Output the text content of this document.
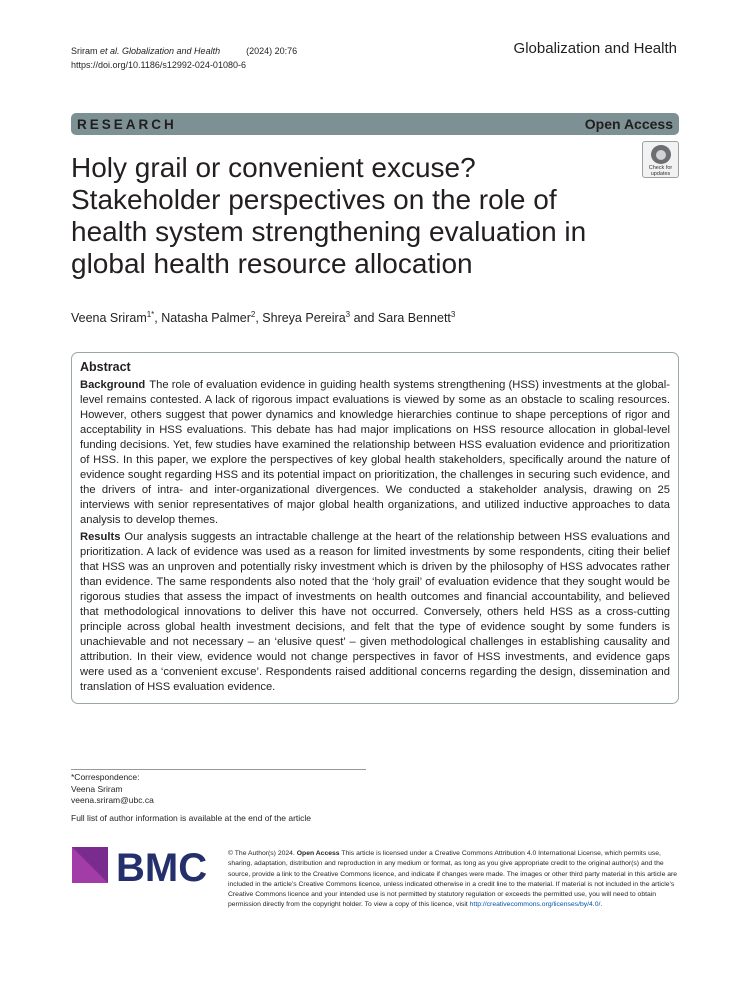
Sriram et al. Globalization and Health	(2024) 20:76
https://doi.org/10.1186/s12992-024-01080-6
Globalization and Health
RESEARCH	Open Access
Check for
updates
Holy grail or convenient excuse? Stakeholder perspectives on the role of health system strengthening evaluation in global health resource allocation
Veena Sriram$^{1*}$, Natasha Palmer$^2$, Shreya Pereira$^3$ and Sara Bennett$^3$
Abstract

Background The role of evaluation evidence in guiding health systems strengthening (HSS) investments at the global-level remains contested. A lack of rigorous impact evaluations is viewed by some as an obstacle to scaling resources. However, others suggest that power dynamics and knowledge hierarchies continue to shape perceptions of rigor and acceptability in HSS evaluations. This debate has had major implications on HSS resource allocation in global-level funding decisions. Yet, few studies have examined the relationship between HSS evaluation evidence and prioritization of HSS. In this paper, we explore the perspectives of key global health stakeholders, specifically around the nature of evidence sought regarding HSS and its potential impact on prioritization, the challenges in securing such evidence, and the drivers of intra- and inter-organizational divergences. We conducted a stakeholder analysis, drawing on 25 interviews with senior representatives of major global health organizations, and utilized inductive approaches to data analysis to develop themes.

Results Our analysis suggests an intractable challenge at the heart of the relationship between HSS evaluations and prioritization. A lack of evidence was used as a reason for limited investments by some respondents, citing their belief that HSS was an unproven and potentially risky investment which is driven by the philosophy of HSS advocates rather than evidence. The same respondents also noted that the ‘holy grail’ of evaluation evidence that they sought would be rigorous studies that assess the impact of investments on health outcomes and financial accountability, and believed that methodological innovations to deliver this have not occurred. Conversely, others held HSS as a cross-cutting principle across global health investment decisions, and felt that the type of evidence sought by some funders is unachievable and not necessary – an ‘elusive quest’ – given methodological challenges in establishing causality and attribution. In their view, evidence would not change perspectives in favor of HSS investments, and evidence gaps were used as a ‘convenient excuse’. Respondents raised additional concerns regarding the design, dissemination and translation of HSS evaluation evidence.

*Correspondence:
Veena Sriram
veena.sriram@ubc.ca
Full list of author information is available at the end of the article
BMC	© The Author(s) 2024. Open Access This article is licensed under a Creative Commons Attribution 4.0 International License, which permits use, sharing, adaptation, distribution and reproduction in any medium or format, as long as you give appropriate credit to the original author(s) and the source, provide a link to the Creative Commons licence, and indicate if changes were made. The images or other third party material in this article are included in the article’s Creative Commons licence, unless indicated otherwise in a credit line to the material. If material is not included in the article’s Creative Commons licence and your intended use is not permitted by statutory regulation or exceeds the permitted use, you will need to obtain permission directly from the copyright holder. To view a copy of this licence, visit http://creativecommons.org/licenses/by/4.0/.
